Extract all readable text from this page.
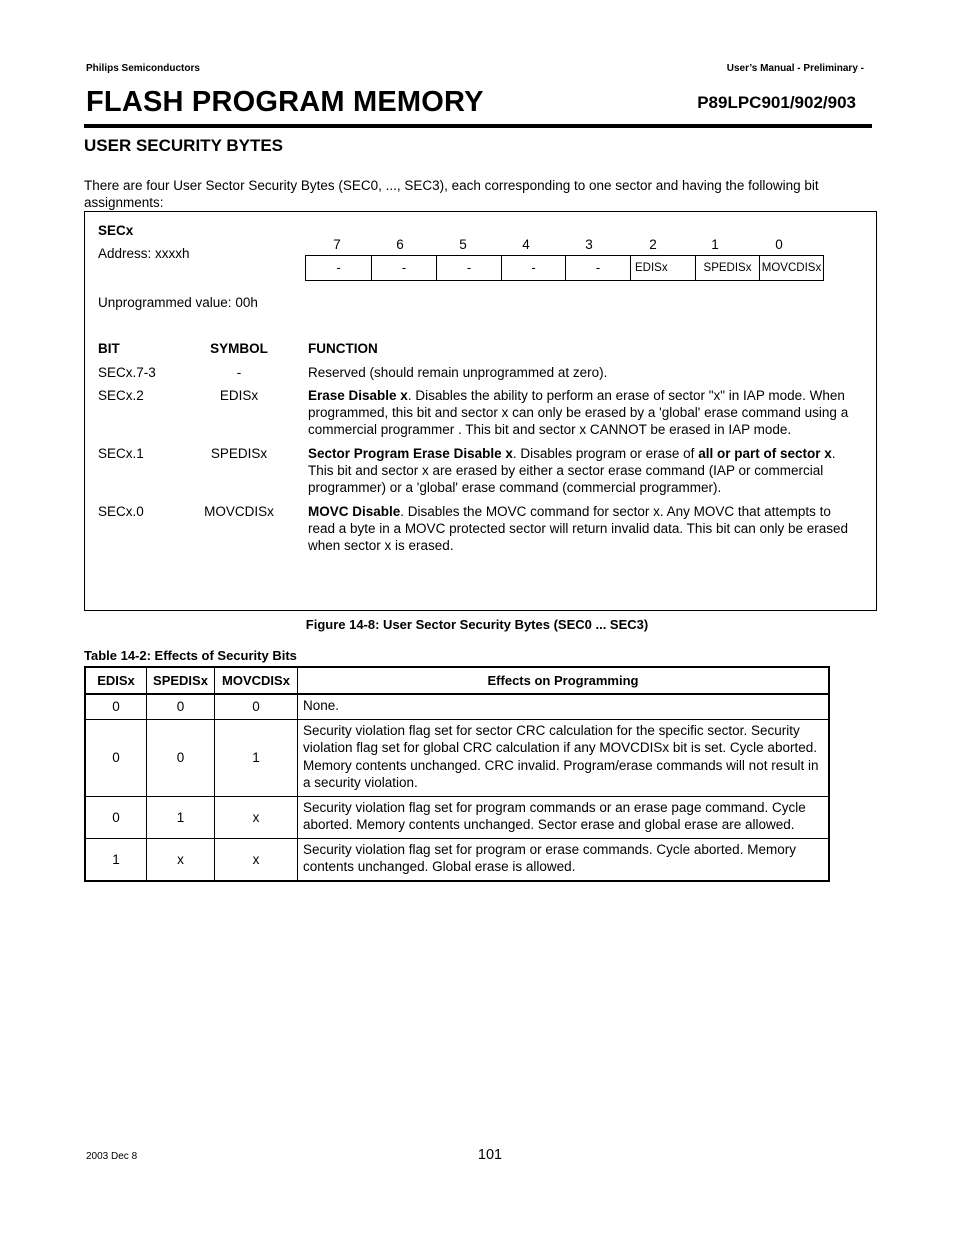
Philips Semiconductors	User’s Manual - Preliminary -
FLASH PROGRAM MEMORY	P89LPC901/902/903
USER SECURITY BYTES
There are four User Sector Security Bytes (SEC0, ..., SEC3), each corresponding to one sector and having the following bit assignments:
SECx
Address: xxxxh
7	6	5	4	3	2	1	0
-	-	-	-	-	EDISx	SPEDISx MOVCDISx
Unprogrammed value: 00h
BIT	SYMBOL	FUNCTION
SECx.7-3	-	Reserved (should remain unprogrammed at zero).
SECx.2	EDISx	Erase Disable x. Disables the ability to perform an erase of sector "x" in IAP mode. When programmed, this bit and sector x can only be erased by a 'global' erase command using a commercial programmer . This bit and sector x CANNOT be erased in IAP mode.
SECx.1	SPEDISx	Sector Program Erase Disable x. Disables program or erase of all or part of sector x. This bit and sector x are erased by either a sector erase command (IAP or commercial programmer) or a 'global' erase command (commercial programmer).
SECx.0	MOVCDISx	MOVC Disable. Disables the MOVC command for sector x. Any MOVC that attempts to read a byte in a MOVC protected sector will return invalid data. This bit can only be erased when sector x is erased.
Figure 14-8: User Sector Security Bytes (SEC0 ... SEC3)
Table 14-2: Effects of Security Bits
EDISx	SPEDISx	MOVCDISx	Effects on Programming
0	0	0	None.
0	0	1	Security violation flag set for sector CRC calculation for the specific sector. Security violation flag set for global CRC calculation if any MOVCDISx bit is set. Cycle aborted. Memory contents unchanged. CRC invalid. Program/erase commands will not result in a security violation.
0	1	x	Security violation flag set for program commands or an erase page command. Cycle aborted. Memory contents unchanged. Sector erase and global erase are allowed.
1	x	x	Security violation flag set for program or erase commands. Cycle aborted. Memory contents unchanged. Global erase is allowed.
2003 Dec 8	101
